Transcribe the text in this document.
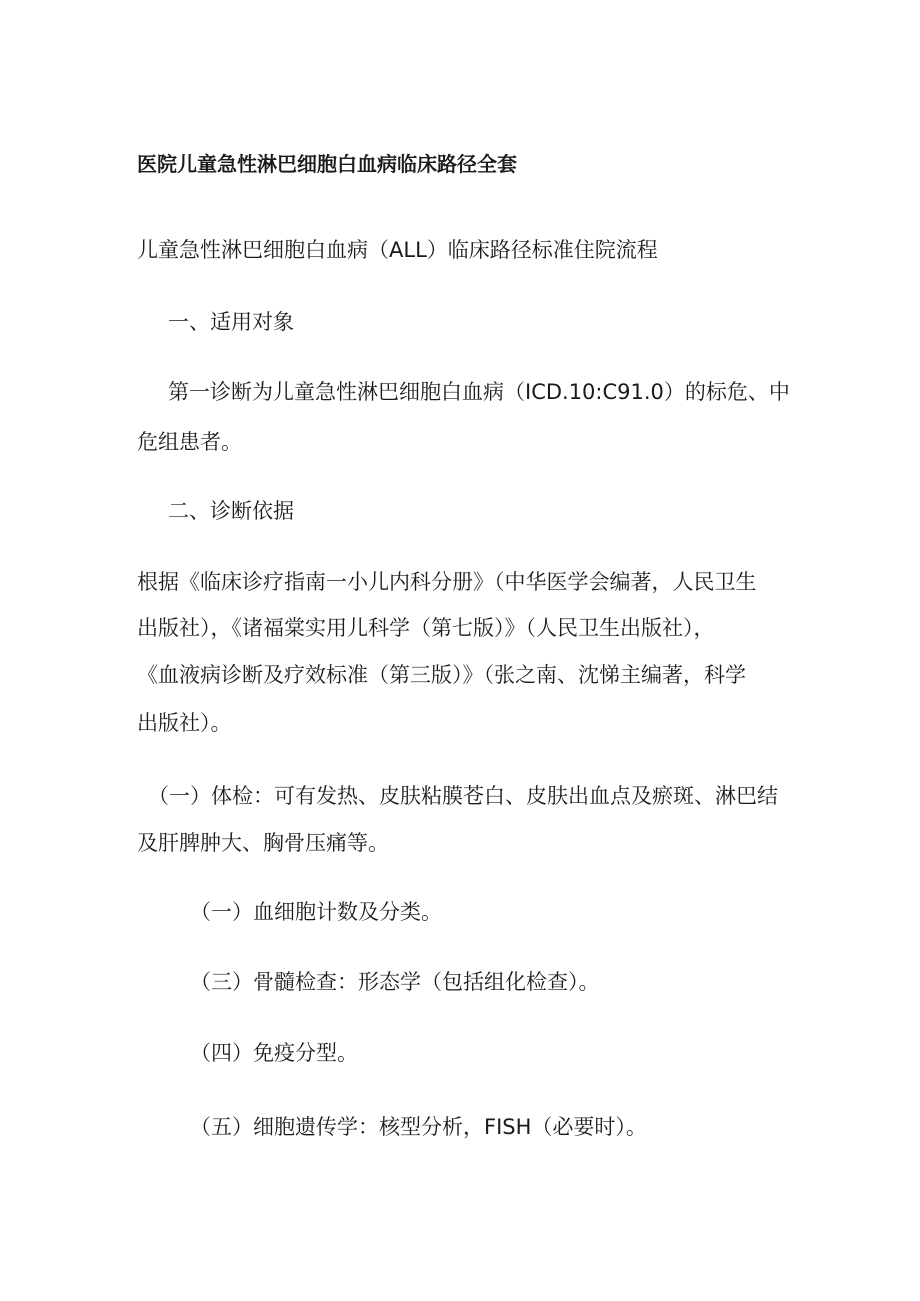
医院儿童急性淋巴细胞白血病临床路径全套
儿童急性淋巴细胞白血病（ALL）临床路径标准住院流程
一、适用对象
第一诊断为儿童急性淋巴细胞白血病（ICD.10:C91.0）的标危、中
危组患者。
二、诊断依据
根据《临床诊疗指南一小儿内科分册》（中华医学会编著，人民卫生
出版社），《诸福棠实用儿科学（第七版）》（人民卫生出版社），
《血液病诊断及疗效标准（第三版）》（张之南、沈悌主编著，科学
出版社）。
（一）体检：可有发热、皮肤粘膜苍白、皮肤出血点及瘀斑、淋巴结
及肝脾肿大、胸骨压痛等。
（一）血细胞计数及分类。
（三）骨髓检查：形态学（包括组化检查）。
（四）免疫分型。
（五）细胞遗传学：核型分析，FISH（必要时）。
